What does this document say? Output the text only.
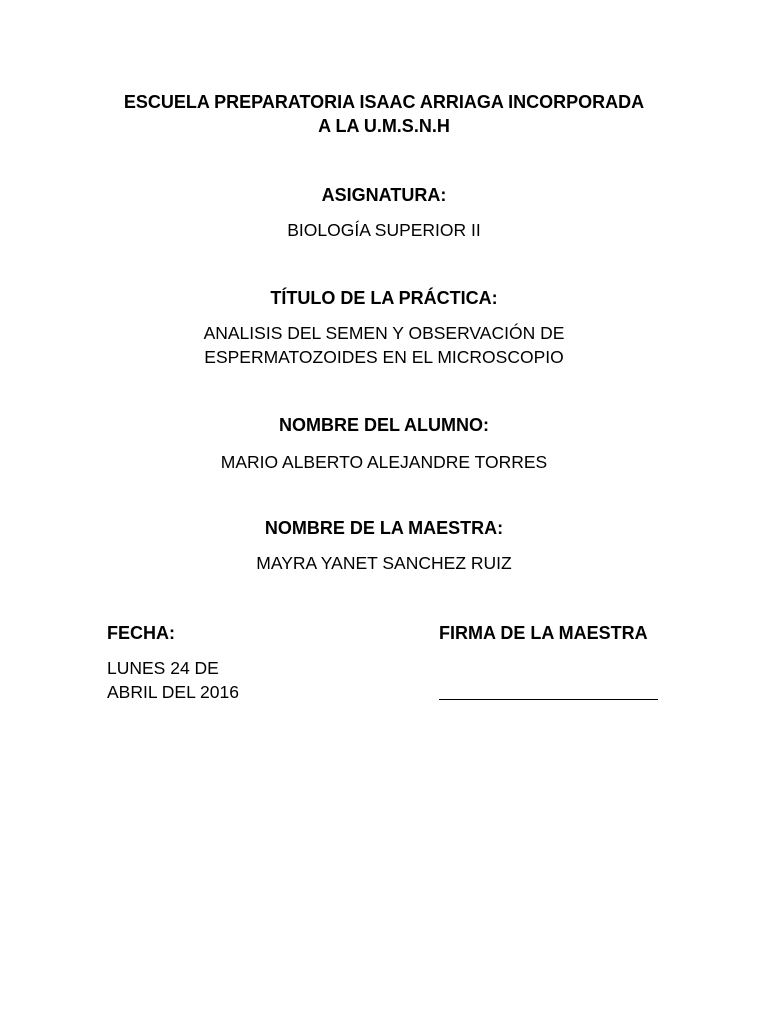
ESCUELA PREPARATORIA ISAAC ARRIAGA INCORPORADA
A LA U.M.S.N.H
ASIGNATURA:
BIOLOGÍA SUPERIOR II
TÍTULO DE LA PRÁCTICA:
ANALISIS DEL SEMEN Y OBSERVACIÓN DE
ESPERMATOZOIDES EN EL MICROSCOPIO
NOMBRE DEL ALUMNO:
MARIO ALBERTO ALEJANDRE TORRES
NOMBRE DE LA MAESTRA:
MAYRA YANET SANCHEZ RUIZ
FECHA:
LUNES 24 DE
ABRIL DEL 2016
FIRMA DE LA MAESTRA
